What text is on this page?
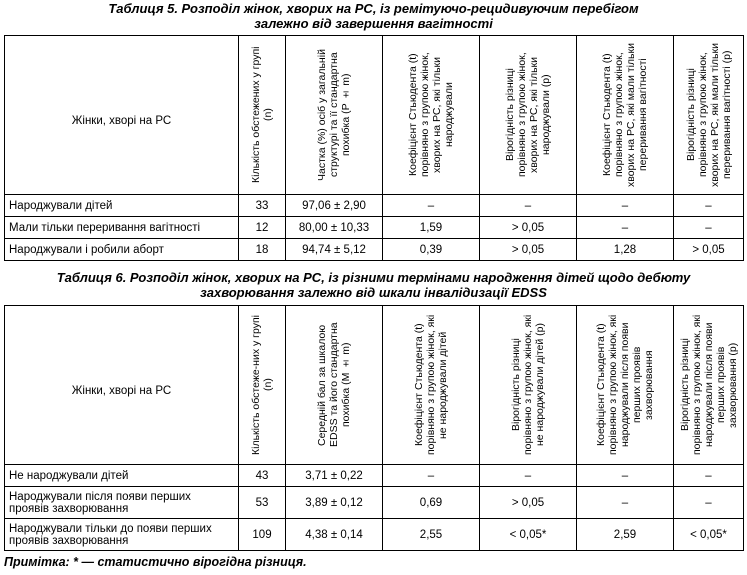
Таблиця 5. Розподіл жінок, хворих на РС, із ремітуючо-рецидивуючим перебігом
залежно від завершення вагітності
Жінки, хворі на РС	Кількість обстежених у групі (n)	Частка (%) осіб у загальній структурі та її стандартна похибка (P ± m)	Коефіцієнт Стьюдента (t) порівняно з групою жінок, хворих на РС, які тільки народжували	Вірогідність різниці порівняно з групою жінок, хворих на РС, які тільки народжували (р)	Коефіцієнт Стьюдента (t) порівняно з групою жінок, хворих на РС, які мали тільки переривання вагітності	Вірогідність різниці порівняно з групою жінок, хворих на РС, які мали тільки переривання вагітності (р)

Народжували дітей	33	97,06 ± 2,90	–	–	–	–
Мали тільки переривання вагітності	12	80,00 ± 10,33	1,59	> 0,05	–	–
Народжували і робили аборт	18	94,74 ± 5,12	0,39	> 0,05	1,28	> 0,05
Таблиця 6. Розподіл жінок, хворих на РС, із різними термінами народження дітей щодо дебюту
захворювання залежно від шкали інвалідизації EDSS
Жінки, хворі на РС	Кількість обстеже-них у групі (n)	Середній бал за шкалою EDSS та його стандартна похибка (M ± m)	Коефіцієнт Стьюдента (t) порівняно з групою жінок, які не народжували дітей	Вірогідність різниці порівняно з групою жінок, які не народжували дітей (р)	Коефіцієнт Стьюдента (t) порівняно з групою жінок, які народжували після появи перших проявів захворювання	Вірогідність різниці порівняно з групою жінок, які народжували після появи перших проявів захворювання (р)

Не народжували дітей	43	3,71 ± 0,22	–	–	–	–
Народжували після появи перших проявів захворювання	53	3,89 ± 0,12	0,69	> 0,05	–	–
Народжували тільки до появи перших проявів захворювання	109	4,38 ± 0,14	2,55	< 0,05*	2,59	< 0,05*
Примітка: * — статистично вірогідна різниця.
